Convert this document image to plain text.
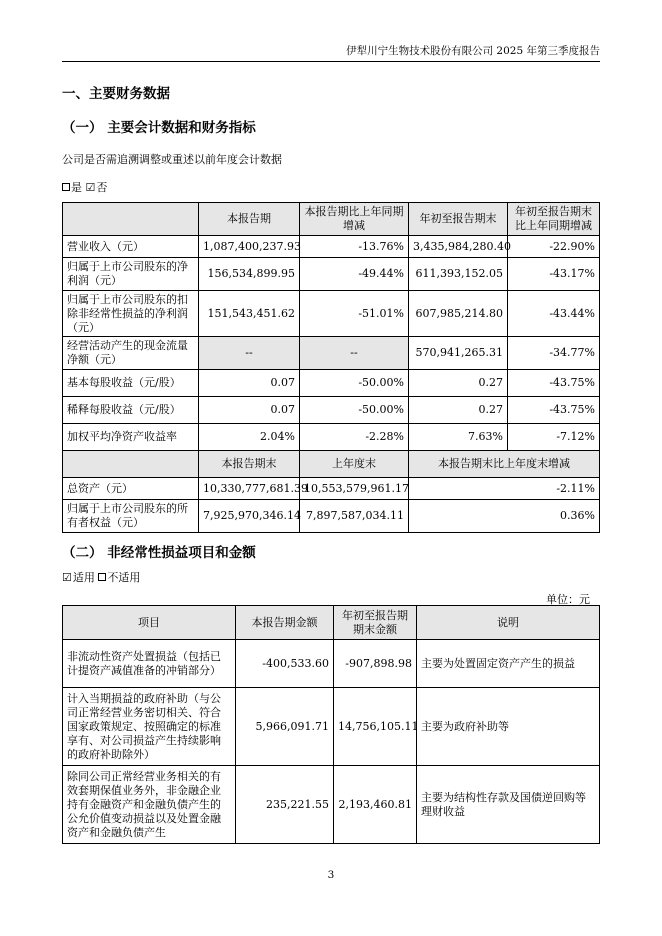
伊犁川宁生物技术股份有限公司 2025 年第三季度报告
一、主要财务数据
（一） 主要会计数据和财务指标
公司是否需追溯调整或重述以前年度会计数据
是 ☑否
	本报告期	本报告期比上年同期增减	年初至报告期末	年初至报告期末比上年同期增减
营业收入（元）	1,087,400,237.93	-13.76%	3,435,984,280.40	-22.90%
归属于上市公司股东的净利润（元）	156,534,899.95	-49.44%	611,393,152.05	-43.17%
归属于上市公司股东的扣除非经常性损益的净利润（元）	151,543,451.62	-51.01%	607,985,214.80	-43.44%
经营活动产生的现金流量净额（元）	--	--	570,941,265.31	-34.77%
基本每股收益（元/股）	0.07	-50.00%	0.27	-43.75%
稀释每股收益（元/股）	0.07	-50.00%	0.27	-43.75%
加权平均净资产收益率	2.04%	-2.28%	7.63%	-7.12%
	本报告期末	上年度末	本报告期末比上年度末增减	
总资产（元）	10,330,777,681.39	10,553,579,961.17	-2.11%	
归属于上市公司股东的所有者权益（元）	7,925,970,346.14	7,897,587,034.11	0.36%	
（二） 非经常性损益项目和金额
☑适用 不适用
单位：元
项目	本报告期金额	年初至报告期期末金额	说明
非流动性资产处置损益（包括已计提资产减值准备的冲销部分）	-400,533.60	-907,898.98	主要为处置固定资产产生的损益
计入当期损益的政府补助（与公司正常经营业务密切相关、符合国家政策规定、按照确定的标准享有、对公司损益产生持续影响的政府补助除外）	5,966,091.71	14,756,105.11	主要为政府补助等
除同公司正常经营业务相关的有效套期保值业务外，非金融企业持有金融资产和金融负债产生的公允价值变动损益以及处置金融资产和金融负债产生	235,221.55	2,193,460.81	主要为结构性存款及国债逆回购等理财收益
3
